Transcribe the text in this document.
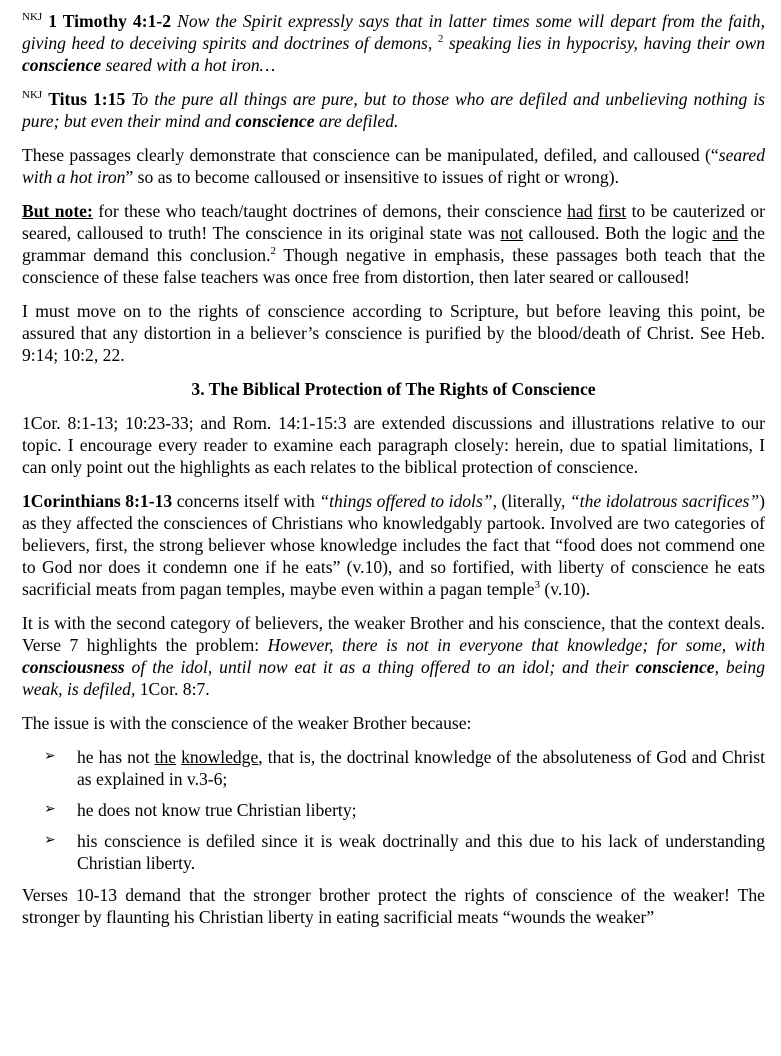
$^{NKJ}$ 1 Timothy 4:1-2 Now the Spirit expressly says that in latter times some will depart from the faith, giving heed to deceiving spirits and doctrines of demons, $^2$ speaking lies in hypocrisy, having their own conscience seared with a hot iron…

$^{NKJ}$ Titus 1:15 To the pure all things are pure, but to those who are defiled and unbelieving nothing is pure; but even their mind and conscience are defiled.

These passages clearly demonstrate that conscience can be manipulated, defiled, and calloused (“seared with a hot iron” so as to become calloused or insensitive to issues of right or wrong).

But note: for these who teach/taught doctrines of demons, their conscience had first to be cauterized or seared, calloused to truth! The conscience in its original state was not calloused. Both the logic and the grammar demand this conclusion.$^2$ Though negative in emphasis, these passages both teach that the conscience of these false teachers was once free from distortion, then later seared or calloused!

I must move on to the rights of conscience according to Scripture, but before leaving this point, be assured that any distortion in a believer’s conscience is purified by the blood/death of Christ. See Heb. 9:14; 10:2, 22.

3. The Biblical Protection of The Rights of Conscience

1Cor. 8:1-13; 10:23-33; and Rom. 14:1-15:3 are extended discussions and illustrations relative to our topic. I encourage every reader to examine each paragraph closely: herein, due to spatial limitations, I can only point out the highlights as each relates to the biblical protection of conscience.

1Corinthians 8:1-13 concerns itself with “things offered to idols”, (literally, “the idolatrous sacrifices”) as they affected the consciences of Christians who knowledgably partook. Involved are two categories of believers, first, the strong believer whose knowledge includes the fact that “food does not commend one to God nor does it condemn one if he eats” (v.10), and so fortified, with liberty of conscience he eats sacrificial meats from pagan temples, maybe even within a pagan temple$^3$ (v.10).

It is with the second category of believers, the weaker Brother and his conscience, that the context deals. Verse 7 highlights the problem: However, there is not in everyone that knowledge; for some, with consciousness of the idol, until now eat it as a thing offered to an idol; and their conscience, being weak, is defiled, 1Cor. 8:7.

The issue is with the conscience of the weaker Brother because:

➢ he has not the knowledge, that is, the doctrinal knowledge of the absoluteness of God and Christ as explained in v.3-6;
➢ he does not know true Christian liberty;
➢ his conscience is defiled since it is weak doctrinally and this due to his lack of understanding Christian liberty.

Verses 10-13 demand that the stronger brother protect the rights of conscience of the weaker! The stronger by flaunting his Christian liberty in eating sacrificial meats “wounds the weaker”
